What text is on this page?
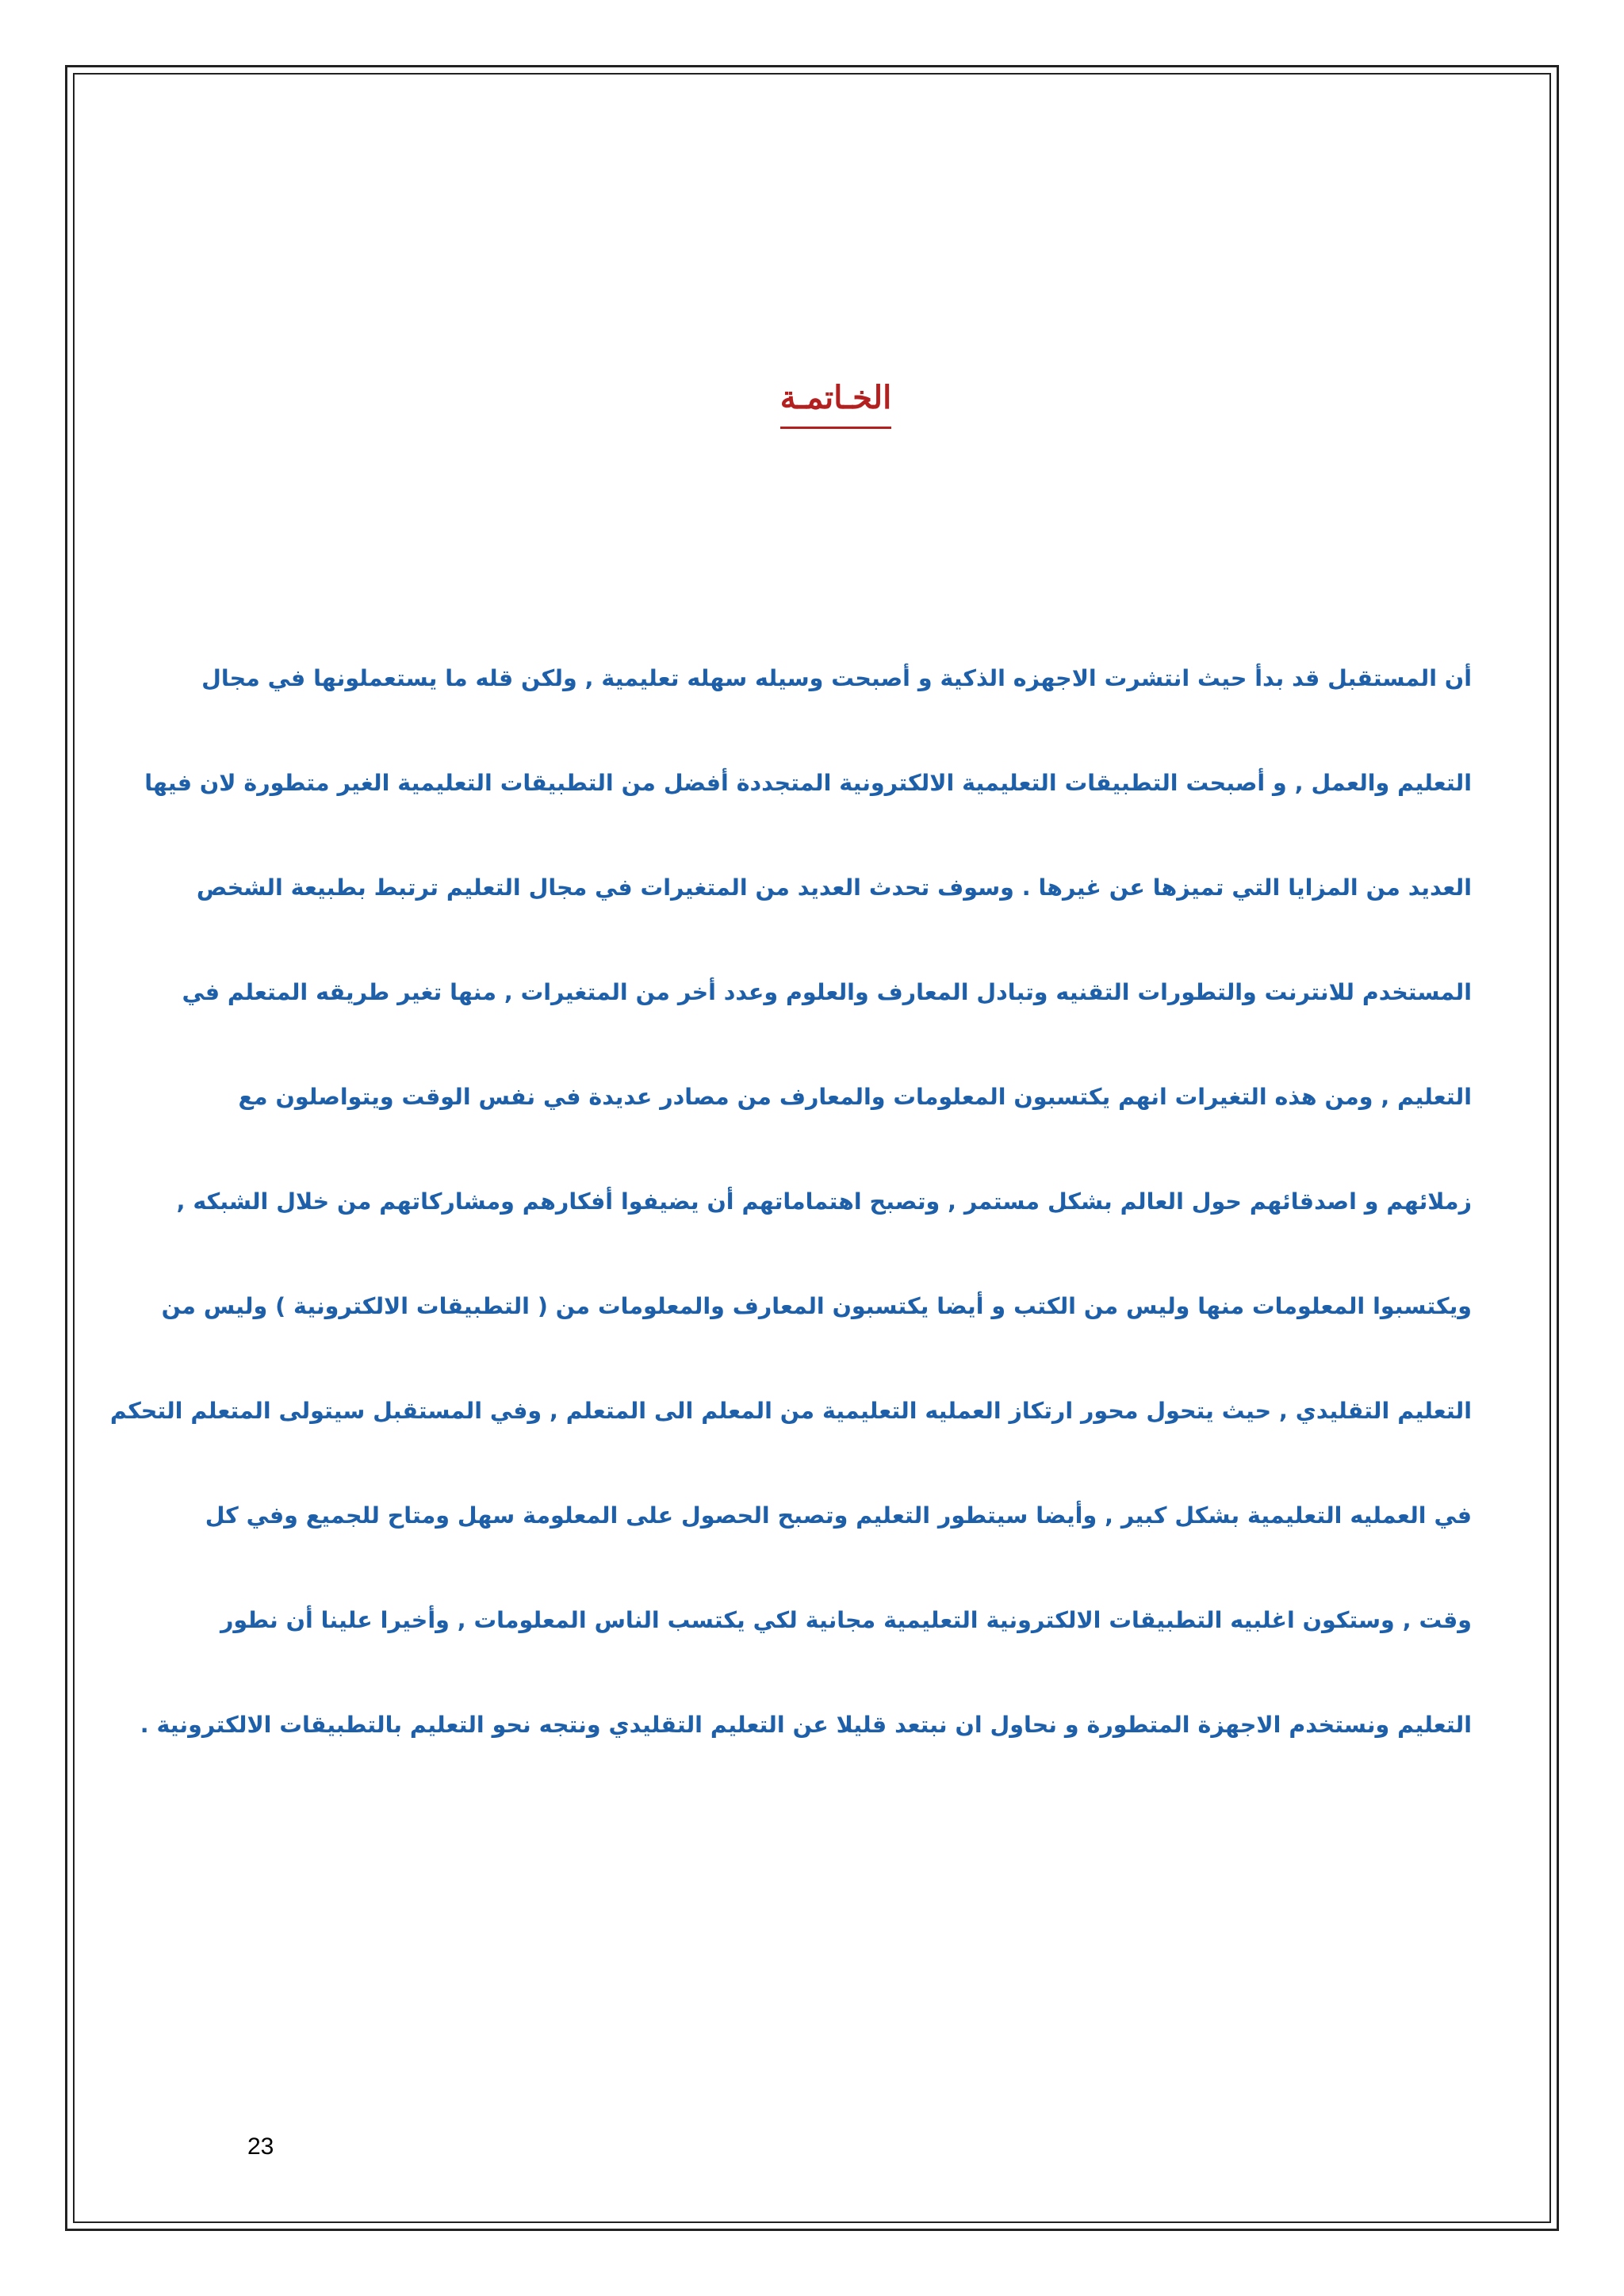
الخـاتمـة
أن المستقبل قد بدأ حيث انتشرت الاجهزه الذكية و أصبحت وسيله سهله تعليمية , ولكن قله ما يستعملونها في مجال
التعليم والعمل , و أصبحت التطبيقات التعليمية الالكترونية المتجددة أفضل من التطبيقات التعليمية الغير متطورة لان فيها
العديد من المزايا التي تميزها عن غيرها . وسوف تحدث العديد من المتغيرات في مجال التعليم ترتبط بطبيعة الشخص
المستخدم للانترنت والتطورات التقنيه وتبادل المعارف والعلوم وعدد أخر من المتغيرات , منها تغير طريقه المتعلم في
التعليم , ومن هذه التغيرات انهم يكتسبون المعلومات والمعارف من مصادر عديدة في نفس الوقت ويتواصلون مع
زملائهم و اصدقائهم حول العالم بشكل مستمر , وتصبح اهتماماتهم أن يضيفوا أفكارهم ومشاركاتهم من خلال الشبكه ,
ويكتسبوا المعلومات منها وليس من الكتب و أيضا يكتسبون المعارف والمعلومات من ( التطبيقات الالكترونية ) وليس من
التعليم التقليدي , حيث يتحول محور ارتكاز العمليه التعليمية من المعلم الى المتعلم , وفي المستقبل سيتولى المتعلم التحكم
في العمليه التعليمية بشكل كبير , وأيضا سيتطور التعليم وتصبح الحصول على المعلومة سهل ومتاح للجميع وفي كل
وقت , وستكون اغلبيه التطبيقات الالكترونية التعليمية مجانية لكي يكتسب الناس المعلومات , وأخيرا علينا أن نطور
التعليم ونستخدم الاجهزة المتطورة و نحاول ان نبتعد قليلا عن التعليم التقليدي ونتجه نحو التعليم بالتطبيقات الالكترونية .
23
